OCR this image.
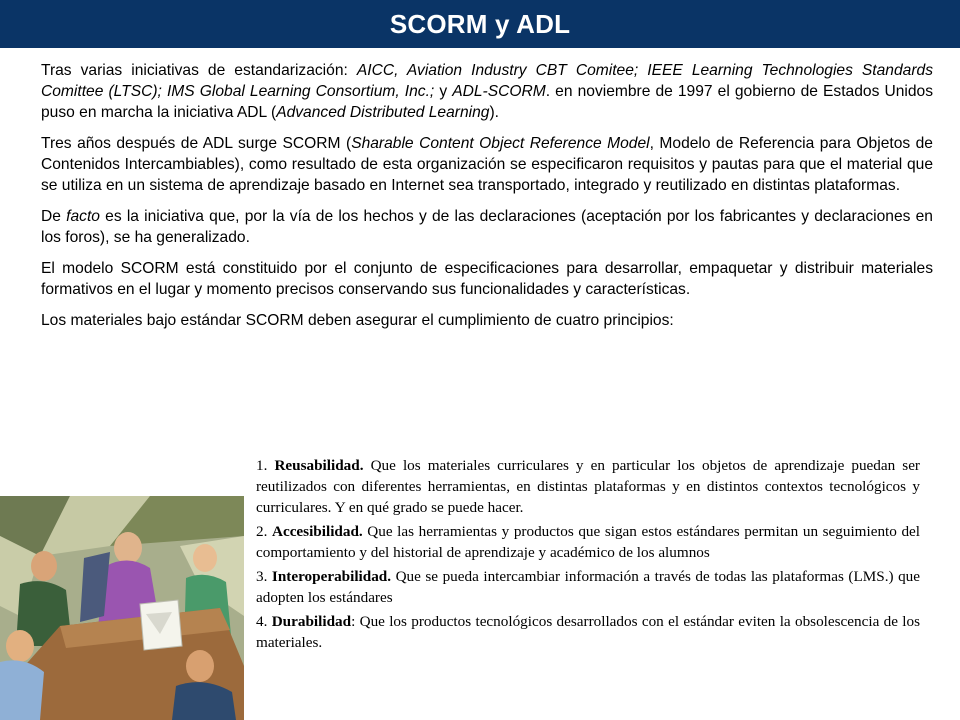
SCORM y ADL

Tras varias iniciativas de estandarización: AICC, Aviation Industry CBT Comitee; IEEE Learning Technologies Standards Comittee (LTSC); IMS Global Learning Consortium, Inc.; y ADL-SCORM. en noviembre de 1997 el gobierno de Estados Unidos puso en marcha la iniciativa ADL (Advanced Distributed Learning).

Tres años después de ADL surge SCORM (Sharable Content Object Reference Model, Modelo de Referencia para Objetos de Contenidos Intercambiables), como resultado de esta organización se especificaron requisitos y pautas para que el material que se utiliza en un sistema de aprendizaje basado en Internet sea transportado, integrado y reutilizado en distintas plataformas.

De facto es la iniciativa que, por la vía de los hechos y de las declaraciones (aceptación por los fabricantes y declaraciones en los foros), se ha generalizado.

El modelo SCORM está constituido por el conjunto de especificaciones para desarrollar, empaquetar y distribuir materiales formativos en el lugar y momento precisos conservando sus funcionalidades y características.

Los materiales bajo estándar SCORM deben asegurar el cumplimiento de cuatro principios:

1. Reusabilidad. Que los materiales curriculares y en particular los objetos de aprendizaje puedan ser reutilizados con diferentes herramientas, en distintas plataformas y en distintos contextos tecnológicos y curriculares. Y en qué grado se puede hacer.

2. Accesibilidad. Que las herramientas y productos que sigan estos estándares permitan un seguimiento del comportamiento y del historial de aprendizaje y académico de los alumnos

3. Interoperabilidad. Que se pueda intercambiar información a través de todas las plataformas (LMS.) que adopten los estándares

4. Durabilidad: Que los productos tecnológicos desarrollados con el estándar eviten la obsolescencia de los materiales.
